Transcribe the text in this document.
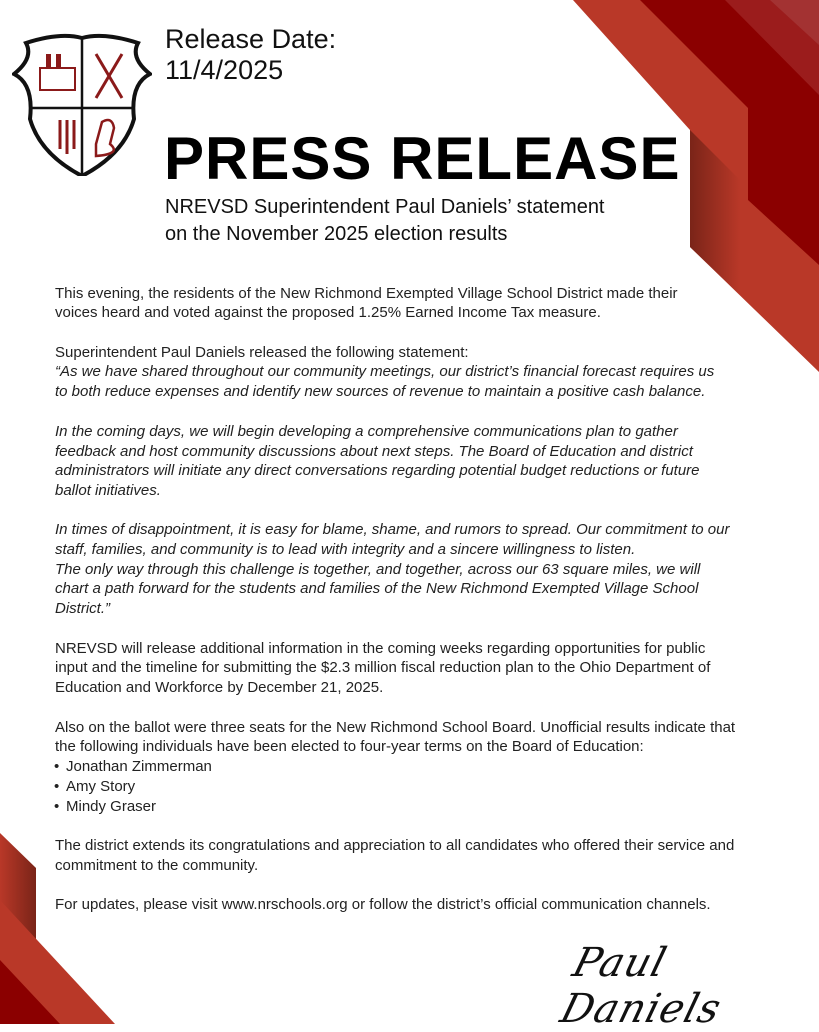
Release Date:
11/4/2025
PRESS RELEASE
NREVSD Superintendent Paul Daniels’ statement
on the November 2025 election results
This evening, the residents of the New Richmond Exempted Village School District made their
voices heard and voted against the proposed 1.25% Earned Income Tax measure.
Superintendent Paul Daniels released the following statement:
“As we have shared throughout our community meetings, our district’s financial forecast requires us
to both reduce expenses and identify new sources of revenue to maintain a positive cash balance.
In the coming days, we will begin developing a comprehensive communications plan to gather
feedback and host community discussions about next steps. The Board of Education and district
administrators will initiate any direct conversations regarding potential budget reductions or future
ballot initiatives.
In times of disappointment, it is easy for blame, shame, and rumors to spread. Our commitment to our
staff, families, and community is to lead with integrity and a sincere willingness to listen.
The only way through this challenge is together, and together, across our 63 square miles, we will
chart a path forward for the students and families of the New Richmond Exempted Village School
District.”
NREVSD will release additional information in the coming weeks regarding opportunities for public
input and the timeline for submitting the $2.3 million fiscal reduction plan to the Ohio Department of
Education and Workforce by December 21, 2025.
Also on the ballot were three seats for the New Richmond School Board. Unofficial results indicate that
the following individuals have been elected to four-year terms on the Board of Education:
The district extends its congratulations and appreciation to all candidates who offered their service and
commitment to the community.
For updates, please visit www.nrschools.org or follow the district’s official communication channels.
• Jonathan Zimmerman
• Amy Story
• Mindy Graser
Paul Daniels
